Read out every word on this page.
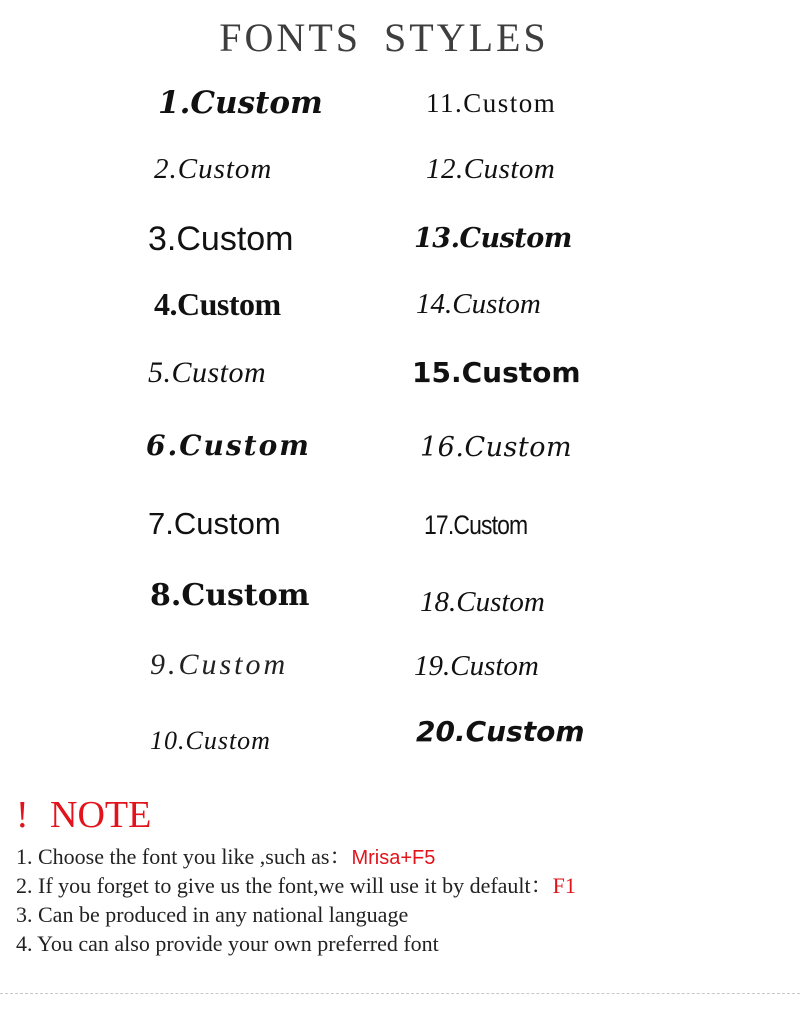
FONTS STYLES
1.Custom
2.Custom
3.Custom
4.Custom
5.Custom
6.Custom
7.Custom
8.Custom
9.Custom
10.Custom
11.Custom
12.Custom
13.Custom
14.Custom
15.Custom
16.Custom
17.Custom
18.Custom
19.Custom
20.Custom
! NOTE
1. Choose the font you like ,such as：Mrisa+F5
2. If you forget to give us the font,we will use it by default：F1
3. Can be produced in any national language
4. You can also provide your own preferred font
